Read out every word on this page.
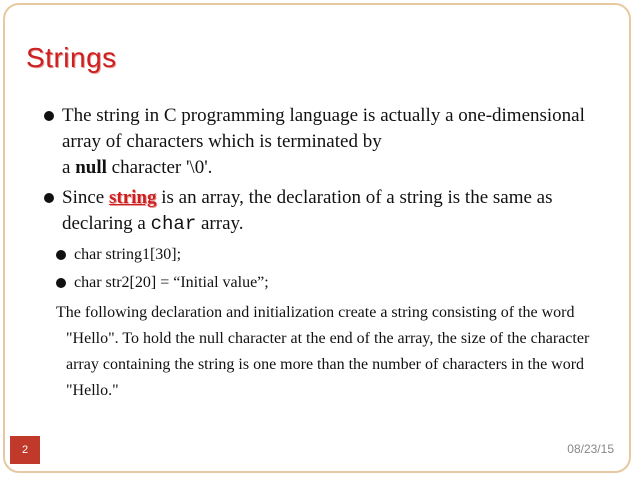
Strings
The string in C programming language is actually a one-dimensional array of characters which is terminated by
a null character '\0'.
Since string is an array, the declaration of a string is the same as declaring a char array.
char string1[30];
char str2[20] = “Initial value”;
The following declaration and initialization create a string consisting of the word "Hello". To hold the null character at the end of the array, the size of the character array containing the string is one more than the number of characters in the word "Hello."
2	08/23/15
